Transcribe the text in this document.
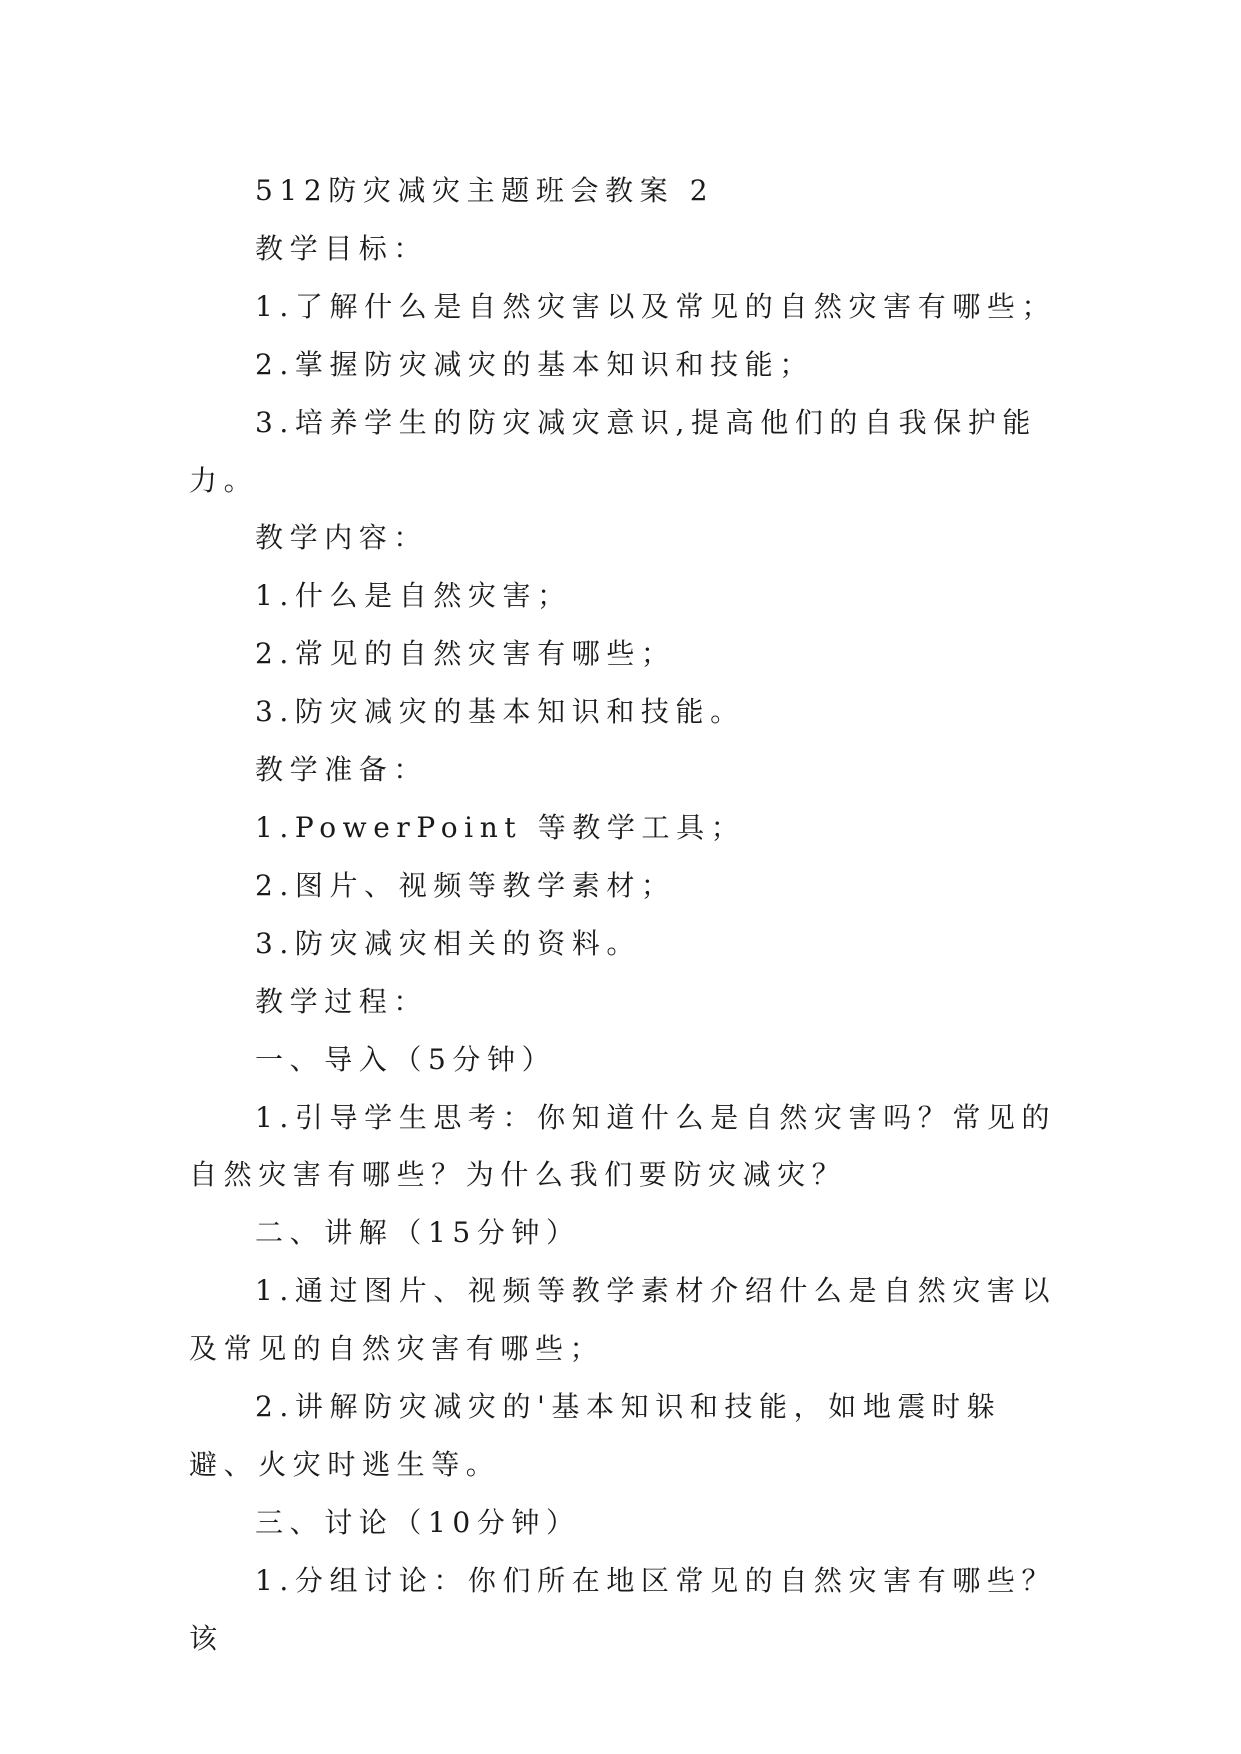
512防灾减灾主题班会教案 2

教学目标：

1.了解什么是自然灾害以及常见的自然灾害有哪些；

2.掌握防灾减灾的基本知识和技能；

3.培养学生的防灾减灾意识,提高他们的自我保护能力。

教学内容：

1.什么是自然灾害；

2.常见的自然灾害有哪些；

3.防灾减灾的基本知识和技能。

教学准备：

1.PowerPoint 等教学工具；

2.图片、视频等教学素材；

3.防灾减灾相关的资料。

教学过程：

一、导入（5分钟）

1.引导学生思考：你知道什么是自然灾害吗？常见的自然灾害有哪些？为什么我们要防灾减灾？

二、讲解（15分钟）

1.通过图片、视频等教学素材介绍什么是自然灾害以及常见的自然灾害有哪些；

2.讲解防灾减灾的'基本知识和技能，如地震时躲避、火灾时逃生等。

三、讨论（10分钟）

1.分组讨论：你们所在地区常见的自然灾害有哪些？该
